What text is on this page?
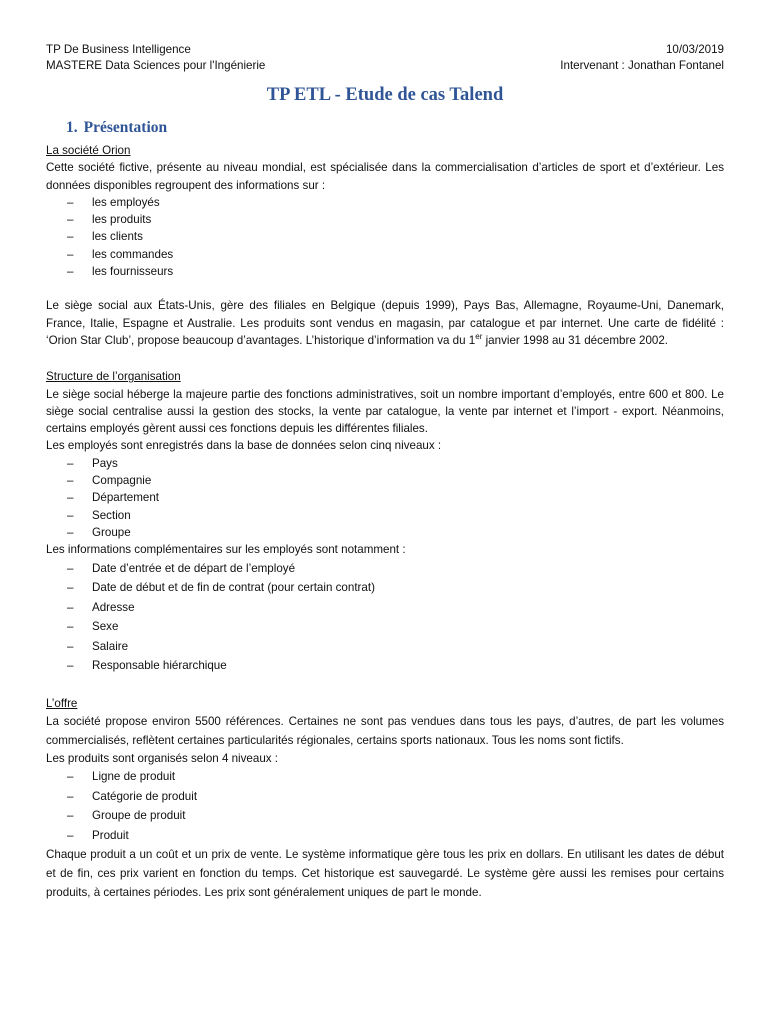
TP De Business Intelligence
MASTERE Data Sciences pour l'Ingénierie
10/03/2019
Intervenant : Jonathan Fontanel
TP ETL - Etude de cas Talend
1. Présentation
La société Orion
Cette société fictive, présente au niveau mondial, est spécialisée dans la commercialisation d’articles de sport et d’extérieur. Les données disponibles regroupent des informations sur :
– les employés
– les produits
– les clients
– les commandes
– les fournisseurs
Le siège social aux États-Unis, gère des filiales en Belgique (depuis 1999), Pays Bas, Allemagne, Royaume-Uni, Danemark, France, Italie, Espagne et Australie. Les produits sont vendus en magasin, par catalogue et par internet. Une carte de fidélité : ‘Orion Star Club’, propose beaucoup d’avantages. L’historique d’information va du 1er janvier 1998 au 31 décembre 2002.
Structure de l’organisation
Le siège social héberge la majeure partie des fonctions administratives, soit un nombre important d’employés, entre 600 et 800. Le siège social centralise aussi la gestion des stocks, la vente par catalogue, la vente par internet et l’import - export. Néanmoins, certains employés gèrent aussi ces fonctions depuis les différentes filiales.
Les employés sont enregistrés dans la base de données selon cinq niveaux :
– Pays
– Compagnie
– Département
– Section
– Groupe
Les informations complémentaires sur les employés sont notamment :
– Date d’entrée et de départ de l’employé
– Date de début et de fin de contrat (pour certain contrat)
– Adresse
– Sexe
– Salaire
– Responsable hiérarchique
L’offre
La société propose environ 5500 références. Certaines ne sont pas vendues dans tous les pays, d’autres, de part les volumes commercialisés, reflètent certaines particularités régionales, certains sports nationaux. Tous les noms sont fictifs.
Les produits sont organisés selon 4 niveaux :
– Ligne de produit
– Catégorie de produit
– Groupe de produit
– Produit
Chaque produit a un coût et un prix de vente. Le système informatique gère tous les prix en dollars. En utilisant les dates de début et de fin, ces prix varient en fonction du temps. Cet historique est sauvegardé. Le système gère aussi les remises pour certains produits, à certaines périodes. Les prix sont généralement uniques de part le monde.
